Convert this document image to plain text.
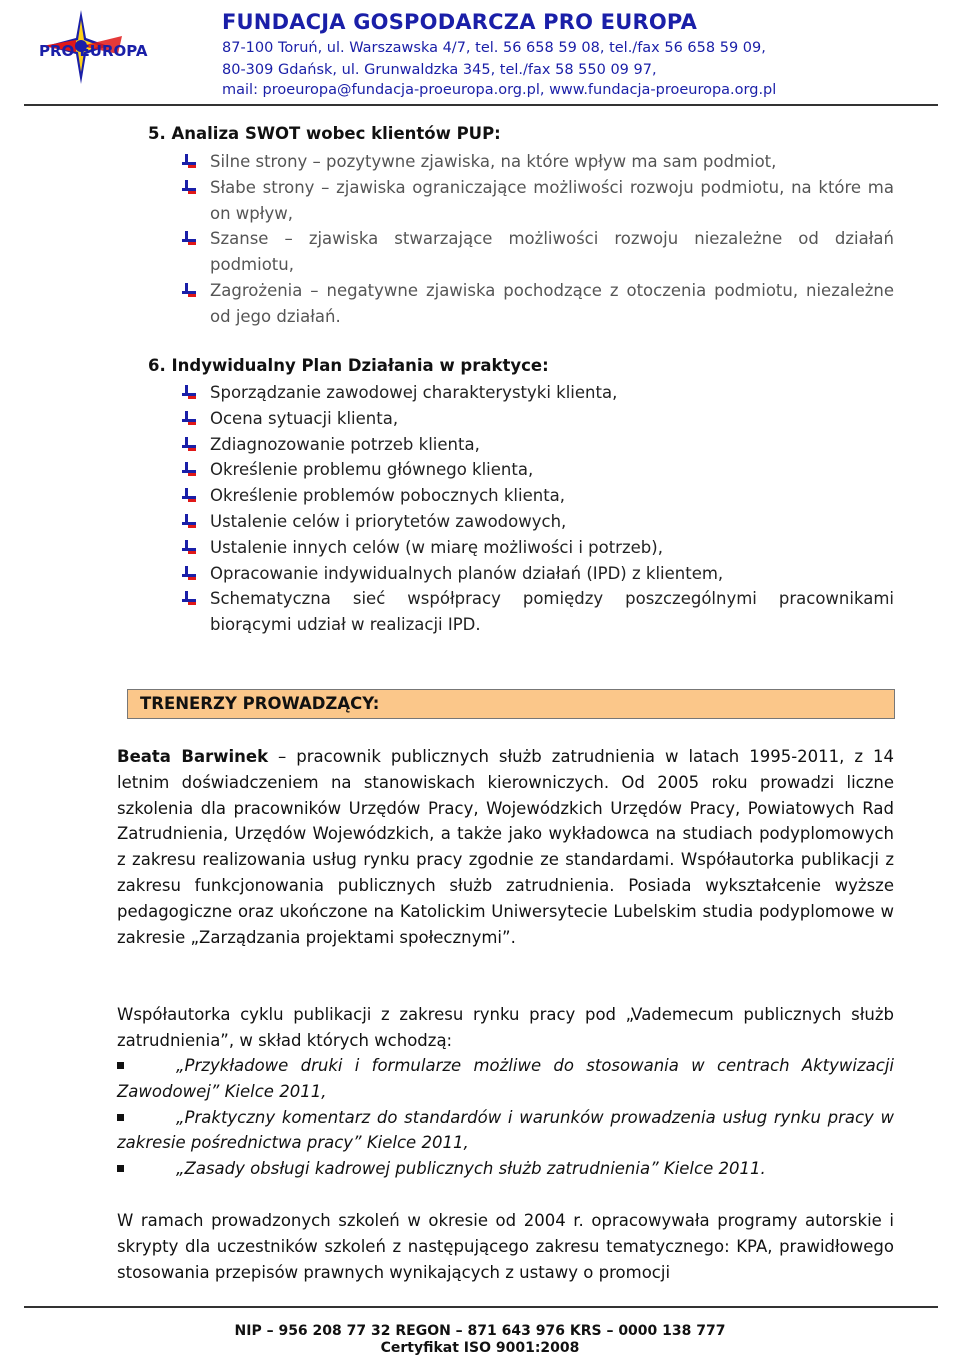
PRO EUROPA
FUNDACJA GOSPODARCZA PRO EUROPA
87-100 Toruń, ul. Warszawska 4/7, tel. 56 658 59 08, tel./fax 56 658 59 09,
80-309 Gdańsk, ul. Grunwaldzka 345, tel./fax 58 550 09 97,
mail: proeuropa@fundacja-proeuropa.org.pl, www.fundacja-proeuropa.org.pl
5. Analiza SWOT wobec klientów PUP:
Silne strony – pozytywne zjawiska, na które wpływ ma sam podmiot,
Słabe strony – zjawiska ograniczające możliwości rozwoju podmiotu, na które ma on wpływ,
Szanse – zjawiska stwarzające możliwości rozwoju niezależne od działań podmiotu,
Zagrożenia – negatywne zjawiska pochodzące z otoczenia podmiotu, niezależne od jego działań.
6. Indywidualny Plan Działania w praktyce:
Sporządzanie zawodowej charakterystyki klienta,
Ocena sytuacji klienta,
Zdiagnozowanie potrzeb klienta,
Określenie problemu głównego klienta,
Określenie problemów pobocznych klienta,
Ustalenie celów i priorytetów zawodowych,
Ustalenie innych celów (w miarę możliwości i potrzeb),
Opracowanie indywidualnych planów działań (IPD) z klientem,
Schematyczna sieć współpracy pomiędzy poszczególnymi pracownikami biorącymi udział w realizacji IPD.
TRENERZY PROWADZĄCY:

Beata Barwinek – pracownik publicznych służb zatrudnienia w latach 1995-2011, z 14 letnim doświadczeniem na stanowiskach kierowniczych. Od 2005 roku prowadzi liczne szkolenia dla pracowników Urzędów Pracy, Wojewódzkich Urzędów Pracy, Powiatowych Rad Zatrudnienia, Urzędów Wojewódzkich, a także jako wykładowca na studiach podyplomowych z zakresu realizowania usług rynku pracy zgodnie ze standardami. Współautorka publikacji z zakresu funkcjonowania publicznych służb zatrudnienia. Posiada wykształcenie wyższe pedagogiczne oraz ukończone na Katolickim Uniwersytecie Lubelskim studia podyplomowe w zakresie „Zarządzania projektami społecznymi”.

Współautorka cyklu publikacji z zakresu rynku pracy pod „Vademecum publicznych służb zatrudnienia”, w skład których wchodzą:

„Przykładowe druki i formularze możliwe do stosowania w centrach Aktywizacji Zawodowej” Kielce 2011,
„Praktyczny komentarz do standardów i warunków prowadzenia usług rynku pracy w zakresie pośrednictwa pracy” Kielce 2011,
„Zasady obsługi kadrowej publicznych służb zatrudnienia” Kielce 2011.

W ramach prowadzonych szkoleń w okresie od 2004 r. opracowywała programy autorskie i skrypty dla uczestników szkoleń z następującego zakresu tematycznego: KPA, prawidłowego stosowania przepisów prawnych wynikających z ustawy o promocji

NIP – 956 208 77 32 REGON – 871 643 976 KRS – 0000 138 777
Certyfikat ISO 9001:2008
